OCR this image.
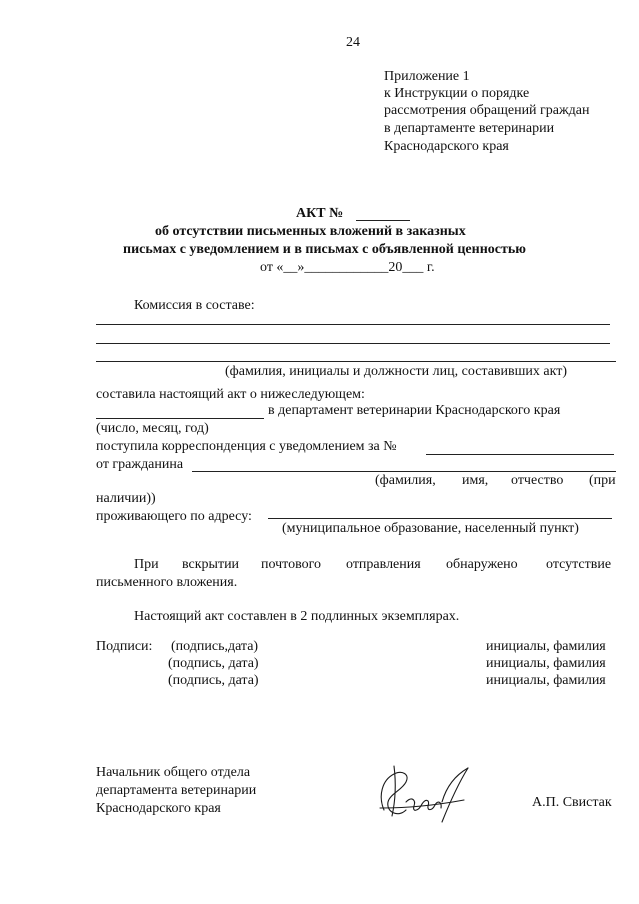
24
Приложение 1
к Инструкции о порядке
рассмотрения обращений граждан
в департаменте ветеринарии
Краснодарского края
АКТ №
об отсутствии письменных вложений в заказных
письмах с уведомлением и в письмах с объявленной ценностью
от «__»____________20___ г.
Комиссия в составе:
(фамилия, инициалы и должности лиц, составивших акт)
составила настоящий акт о нижеследующем:
в департамент ветеринарии Краснодарского края
(число, месяц, год)
поступила корреспонденция с уведомлением за №
от гражданина
(фамилия, имя, отчество (при
наличии))
проживающего по адресу:
(муниципальное образование, населенный пункт)
При вскрытии почтового отправления обнаружено отсутствие
письменного вложения.
Настоящий акт составлен в 2 подлинных экземплярах.
Подписи: (подпись,дата)	инициалы, фамилия
(подпись, дата)	инициалы, фамилия
(подпись, дата)	инициалы, фамилия
Начальник общего отдела
департамента ветеринарии
Краснодарского края	А.П. Свистак
